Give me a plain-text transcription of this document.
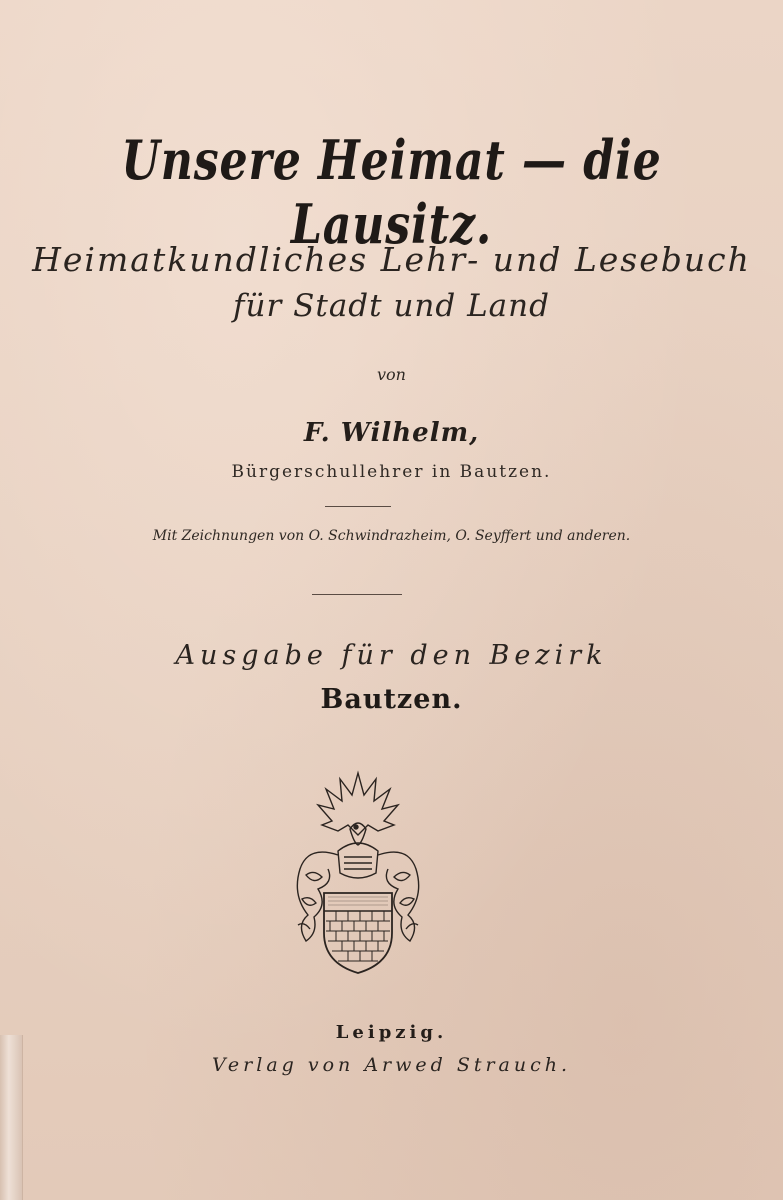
Unsere Heimat — die Lausitz.
Heimatkundliches Lehr- und Lesebuch
für Stadt und Land
von
F. Wilhelm,
Bürgerschullehrer in Bautzen.
Mit Zeichnungen von O. Schwindrazheim, O. Seyffert und anderen.
Ausgabe für den Bezirk
Bautzen.
Leipzig.
Verlag von Arwed Strauch.
